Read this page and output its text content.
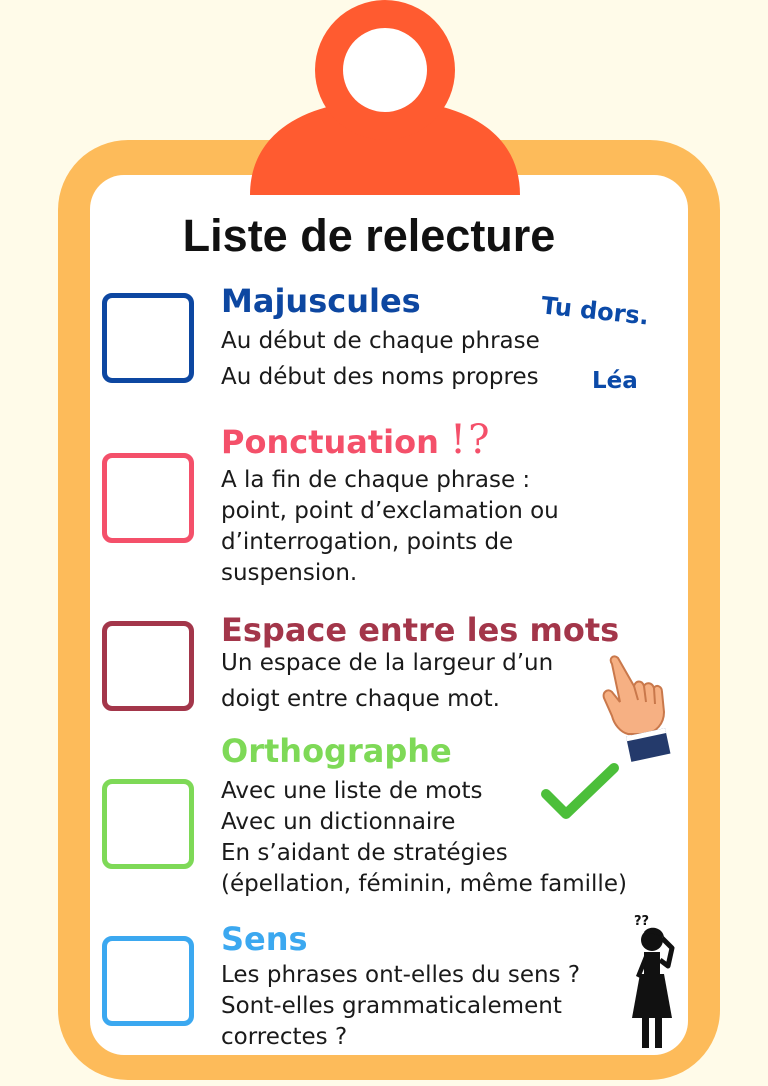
Liste de relecture
Majuscules
Au début de chaque phrase
Au début des noms propres
Tu dors.
Léa
Ponctuation !?
A la fin de chaque phrase :
point, point d’exclamation ou
d’interrogation, points de
suspension.
Espace entre les mots
Un espace de la largeur d’un
doigt entre chaque mot.
Orthographe
Avec une liste de mots
Avec un dictionnaire
En s’aidant de stratégies
(épellation, féminin, même famille)
Sens
Les phrases ont-elles du sens ?
Sont-elles grammaticalement
correctes ?
??
